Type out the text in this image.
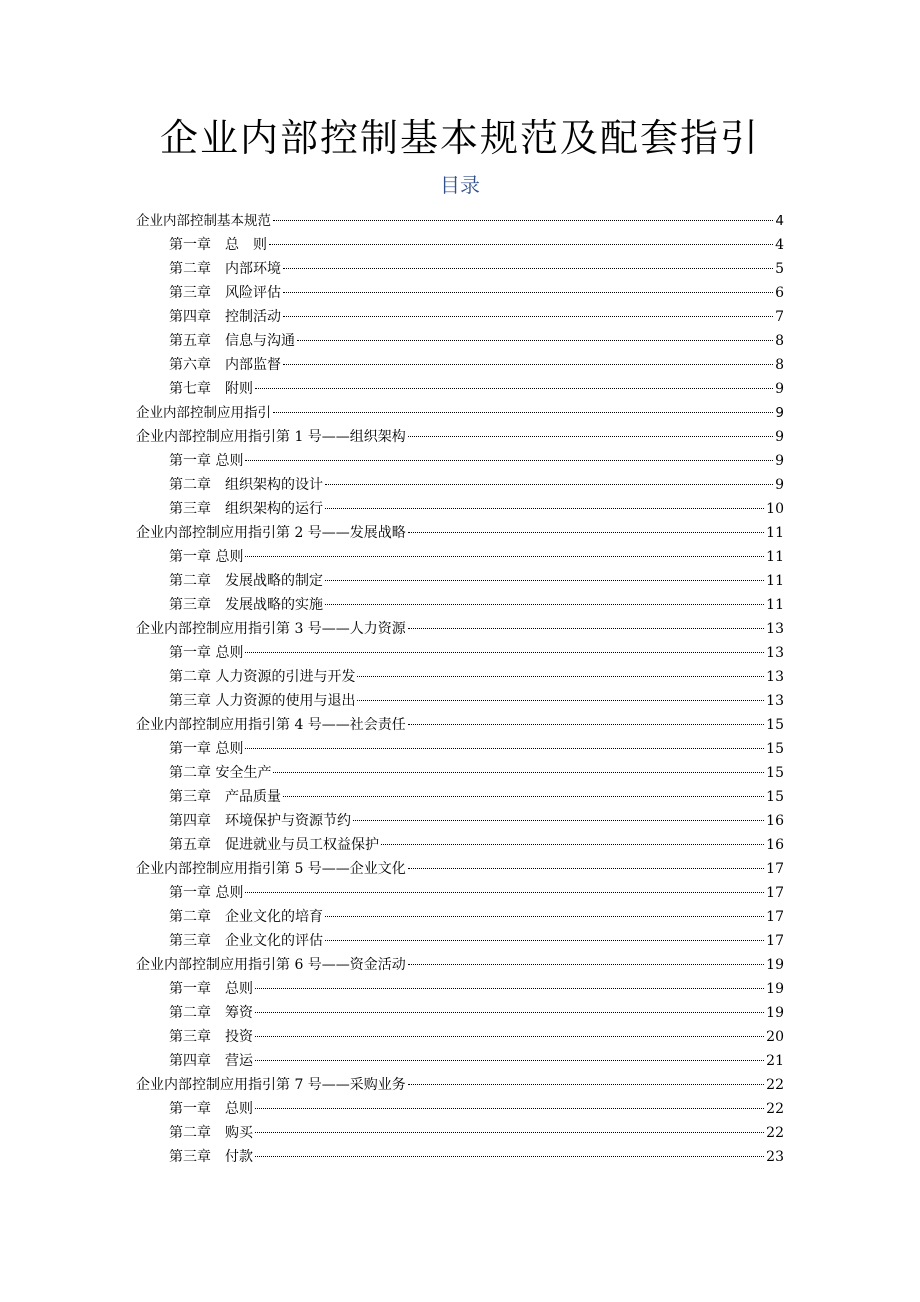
企业内部控制基本规范及配套指引
目录
企业内部控制基本规范	4
第一章　总　则	4
第二章　内部环境	5
第三章　风险评估	6
第四章　控制活动	7
第五章　信息与沟通	8
第六章　内部监督	8
第七章　附则	9
企业内部控制应用指引	9
企业内部控制应用指引第 1 号——组织架构	9
第一章 总则	9
第二章　组织架构的设计	9
第三章　组织架构的运行	10
企业内部控制应用指引第 2 号——发展战略	11
第一章 总则	11
第二章　发展战略的制定	11
第三章　发展战略的实施	11
企业内部控制应用指引第 3 号——人力资源	13
第一章 总则	13
第二章 人力资源的引进与开发	13
第三章 人力资源的使用与退出	13
企业内部控制应用指引第 4 号——社会责任	15
第一章 总则	15
第二章 安全生产	15
第三章　产品质量	15
第四章　环境保护与资源节约	16
第五章　促进就业与员工权益保护	16
企业内部控制应用指引第 5 号——企业文化	17
第一章 总则	17
第二章　企业文化的培育	17
第三章　企业文化的评估	17
企业内部控制应用指引第 6 号——资金活动	19
第一章　总则	19
第二章　筹资	19
第三章　投资	20
第四章　营运	21
企业内部控制应用指引第 7 号——采购业务	22
第一章　总则	22
第二章　购买	22
第三章　付款	23
